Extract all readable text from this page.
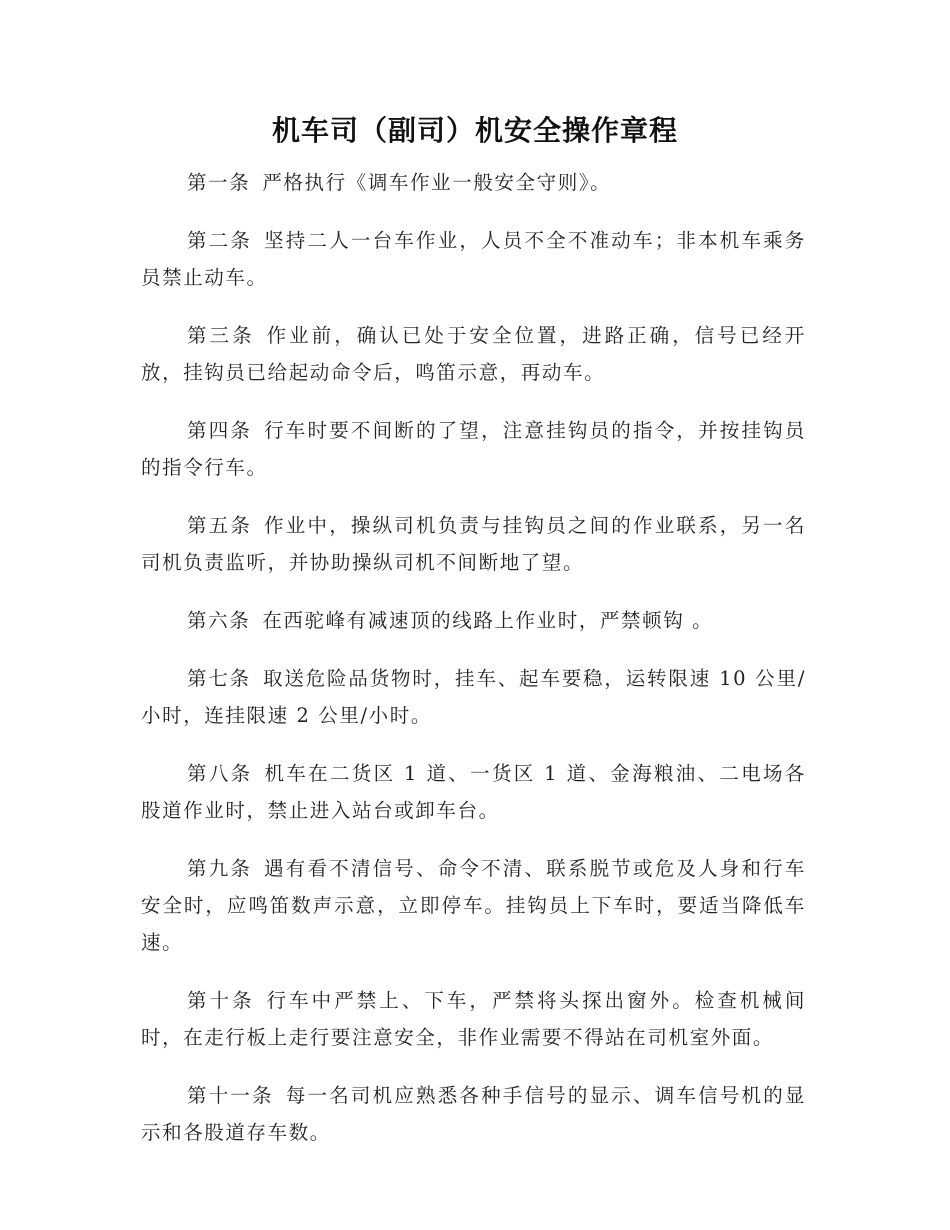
机车司（副司）机安全操作章程

第一条 严格执行《调车作业一般安全守则》。

第二条 坚持二人一台车作业，人员不全不准动车；非本机车乘务员禁止动车。

第三条 作业前，确认已处于安全位置，进路正确，信号已经开放，挂钩员已给起动命令后，鸣笛示意，再动车。

第四条 行车时要不间断的了望，注意挂钩员的指令，并按挂钩员的指令行车。

第五条 作业中，操纵司机负责与挂钩员之间的作业联系，另一名司机负责监听，并协助操纵司机不间断地了望。

第六条 在西驼峰有减速顶的线路上作业时，严禁顿钩 。

第七条 取送危险品货物时，挂车、起车要稳，运转限速 10 公里/小时，连挂限速 2 公里/小时。

第八条 机车在二货区 1 道、一货区 1 道、金海粮油、二电场各股道作业时，禁止进入站台或卸车台。

第九条 遇有看不清信号、命令不清、联系脱节或危及人身和行车安全时，应鸣笛数声示意，立即停车。挂钩员上下车时，要适当降低车速。

第十条 行车中严禁上、下车，严禁将头探出窗外。检查机械间时，在走行板上走行要注意安全，非作业需要不得站在司机室外面。

第十一条 每一名司机应熟悉各种手信号的显示、调车信号机的显示和各股道存车数。
